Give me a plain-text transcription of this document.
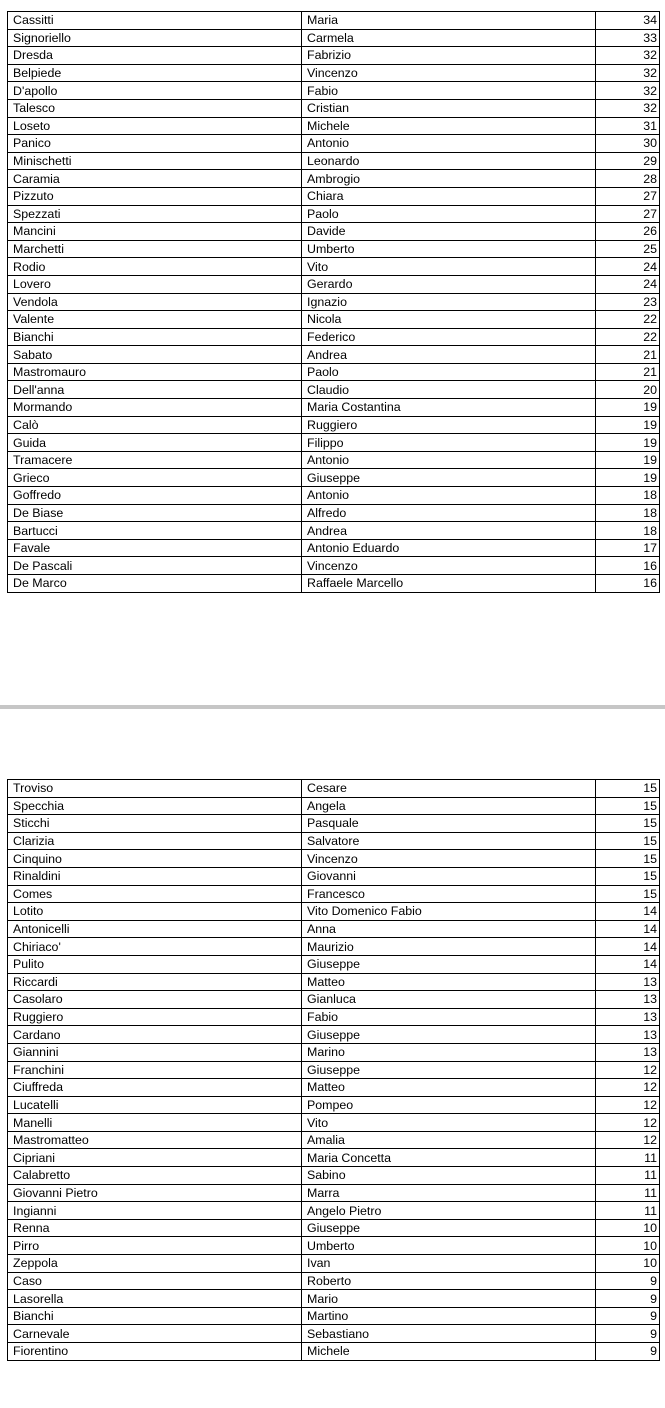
Cassitti	Maria	34
Signoriello	Carmela	33
Dresda	Fabrizio	32
Belpiede	Vincenzo	32
D'apollo	Fabio	32
Talesco	Cristian	32
Loseto	Michele	31
Panico	Antonio	30
Minischetti	Leonardo	29
Caramia	Ambrogio	28
Pizzuto	Chiara	27
Spezzati	Paolo	27
Mancini	Davide	26
Marchetti	Umberto	25
Rodio	Vito	24
Lovero	Gerardo	24
Vendola	Ignazio	23
Valente	Nicola	22
Bianchi	Federico	22
Sabato	Andrea	21
Mastromauro	Paolo	21
Dell'anna	Claudio	20
Mormando	Maria Costantina	19
Calò	Ruggiero	19
Guida	Filippo	19
Tramacere	Antonio	19
Grieco	Giuseppe	19
Goffredo	Antonio	18
De Biase	Alfredo	18
Bartucci	Andrea	18
Favale	Antonio Eduardo	17
De Pascali	Vincenzo	16
De Marco	Raffaele Marcello	16
Troviso	Cesare	15
Specchia	Angela	15
Sticchi	Pasquale	15
Clarizia	Salvatore	15
Cinquino	Vincenzo	15
Rinaldini	Giovanni	15
Comes	Francesco	15
Lotito	Vito Domenico Fabio	14
Antonicelli	Anna	14
Chiriaco'	Maurizio	14
Pulito	Giuseppe	14
Riccardi	Matteo	13
Casolaro	Gianluca	13
Ruggiero	Fabio	13
Cardano	Giuseppe	13
Giannini	Marino	13
Franchini	Giuseppe	12
Ciuffreda	Matteo	12
Lucatelli	Pompeo	12
Manelli	Vito	12
Mastromatteo	Amalia	12
Cipriani	Maria Concetta	11
Calabretto	Sabino	11
Giovanni Pietro	Marra	11
Ingianni	Angelo Pietro	11
Renna	Giuseppe	10
Pirro	Umberto	10
Zeppola	Ivan	10
Caso	Roberto	9
Lasorella	Mario	9
Bianchi	Martino	9
Carnevale	Sebastiano	9
Fiorentino	Michele	9
